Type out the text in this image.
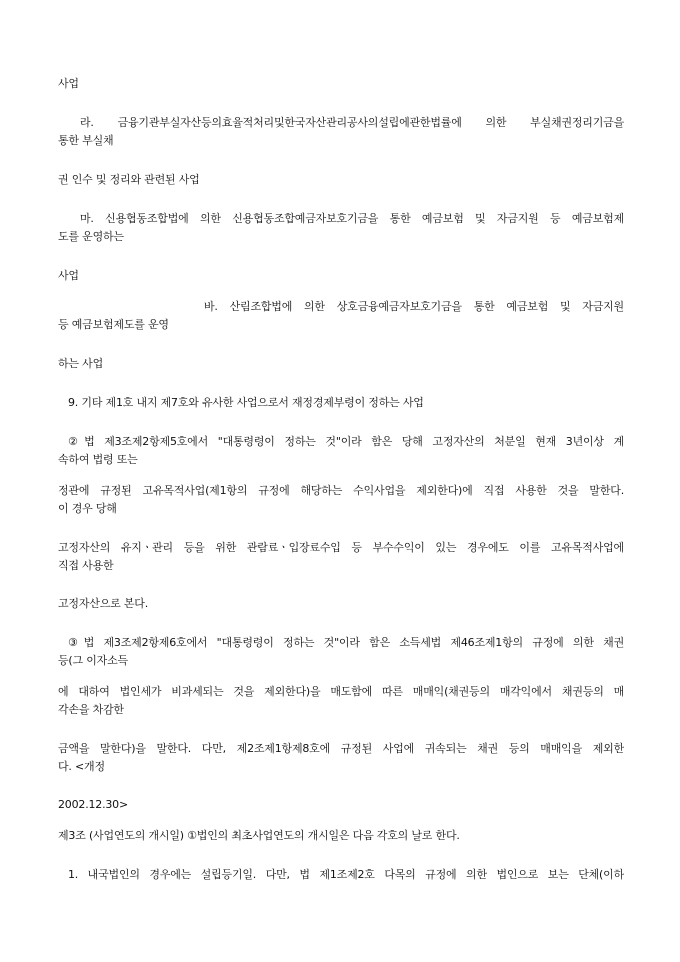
사업
라. 금융기관부실자산등의효율적처리및한국자산관리공사의설립에관한법률에 의한 부실채권정리기금을
통한 부실채
권 인수 및 정리와 관련된 사업
마. 신용협동조합법에 의한 신용협동조합예금자보호기금을 통한 예금보험 및 자금지원 등 예금보험제
도를 운영하는
사업
바. 산림조합법에 의한 상호금융예금자보호기금을 통한 예금보험 및 자금지원
등 예금보험제도를 운영
하는 사업
9. 기타 제1호 내지 제7호와 유사한 사업으로서 재정경제부령이 정하는 사업
②법 제3조제2항제5호에서 "대통령령이 정하는 것"이라 함은 당해 고정자산의 처분일 현재 3년이상 계
속하여 법령 또는
정관에 규정된 고유목적사업(제1항의 규정에 해당하는 수익사업을 제외한다)에 직접 사용한 것을 말한다.
이 경우 당해
고정자산의 유지ㆍ관리 등을 위한 관람료ㆍ입장료수입 등 부수수익이 있는 경우에도 이를 고유목적사업에
직접 사용한
고정자산으로 본다.
③법 제3조제2항제6호에서 "대통령령이 정하는 것"이라 함은 소득세법 제46조제1항의 규정에 의한 채권
등(그 이자소득
에 대하여 법인세가 비과세되는 것을 제외한다)을 매도함에 따른 매매익(채권등의 매각익에서 채권등의 매
각손을 차감한
금액을 말한다)을 말한다. 다만, 제2조제1항제8호에 규정된 사업에 귀속되는 채권 등의 매매익을 제외한
다. <개정
2002.12.30>
제3조 (사업연도의 개시일) ①법인의 최초사업연도의 개시일은 다음 각호의 날로 한다.
1. 내국법인의 경우에는 설립등기일. 다만, 법 제1조제2호 다목의 규정에 의한 법인으로 보는 단체(이하
